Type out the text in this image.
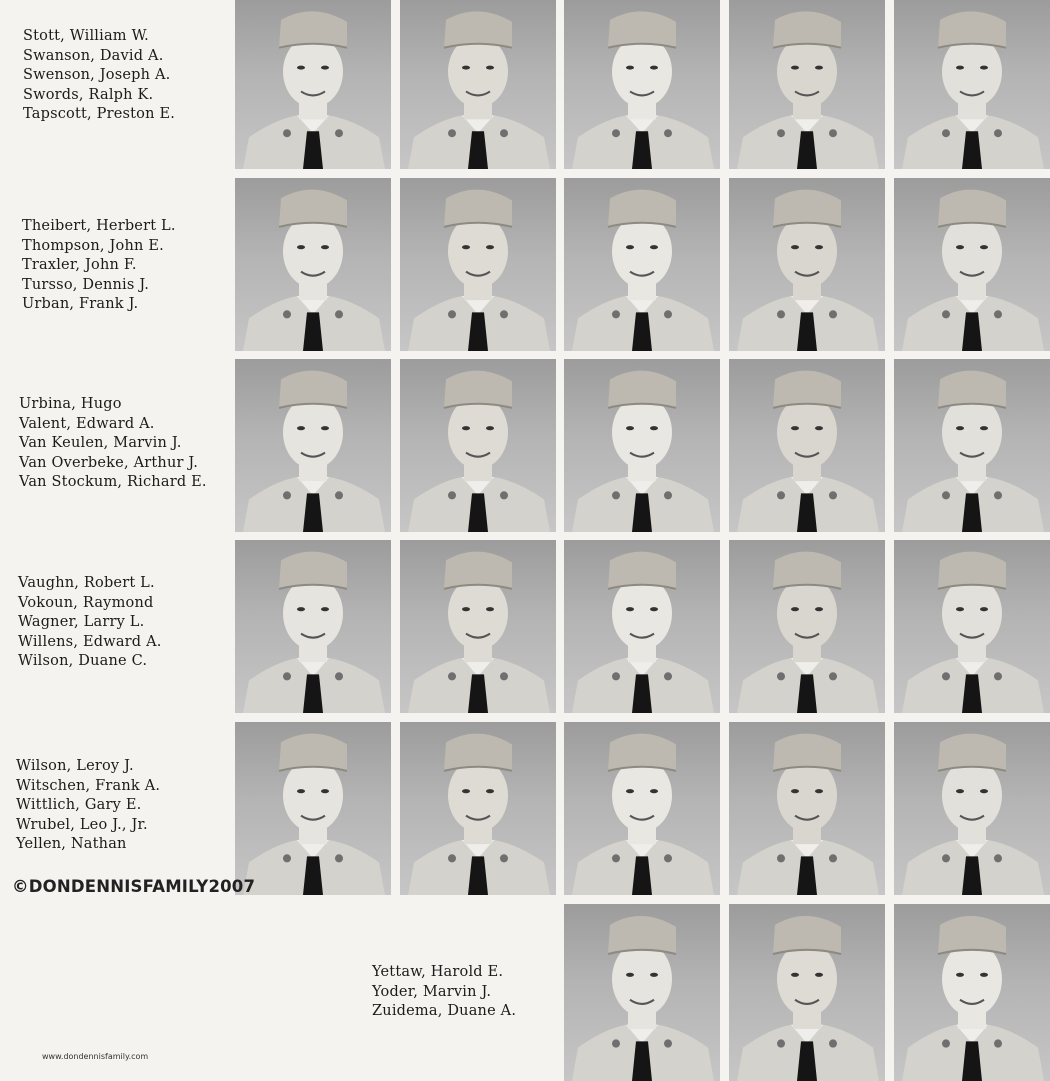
Stott, William W.
Swanson, David A.
Swenson, Joseph A.
Swords, Ralph K.
Tapscott, Preston E.
Theibert, Herbert L.
Thompson, John E.
Traxler, John F.
Tursso, Dennis J.
Urban, Frank J.
Urbina, Hugo
Valent, Edward A.
Van Keulen, Marvin J.
Van Overbeke, Arthur J.
Van Stockum, Richard E.
Vaughn, Robert L.
Vokoun, Raymond
Wagner, Larry L.
Willens, Edward A.
Wilson, Duane C.
Wilson, Leroy J.
Witschen, Frank A.
Wittlich, Gary E.
Wrubel, Leo J., Jr.
Yellen, Nathan
Yettaw, Harold E.
Yoder, Marvin J.
Zuidema, Duane A.
©DONDENNISFAMILY2007
www.dondennisfamily.com
